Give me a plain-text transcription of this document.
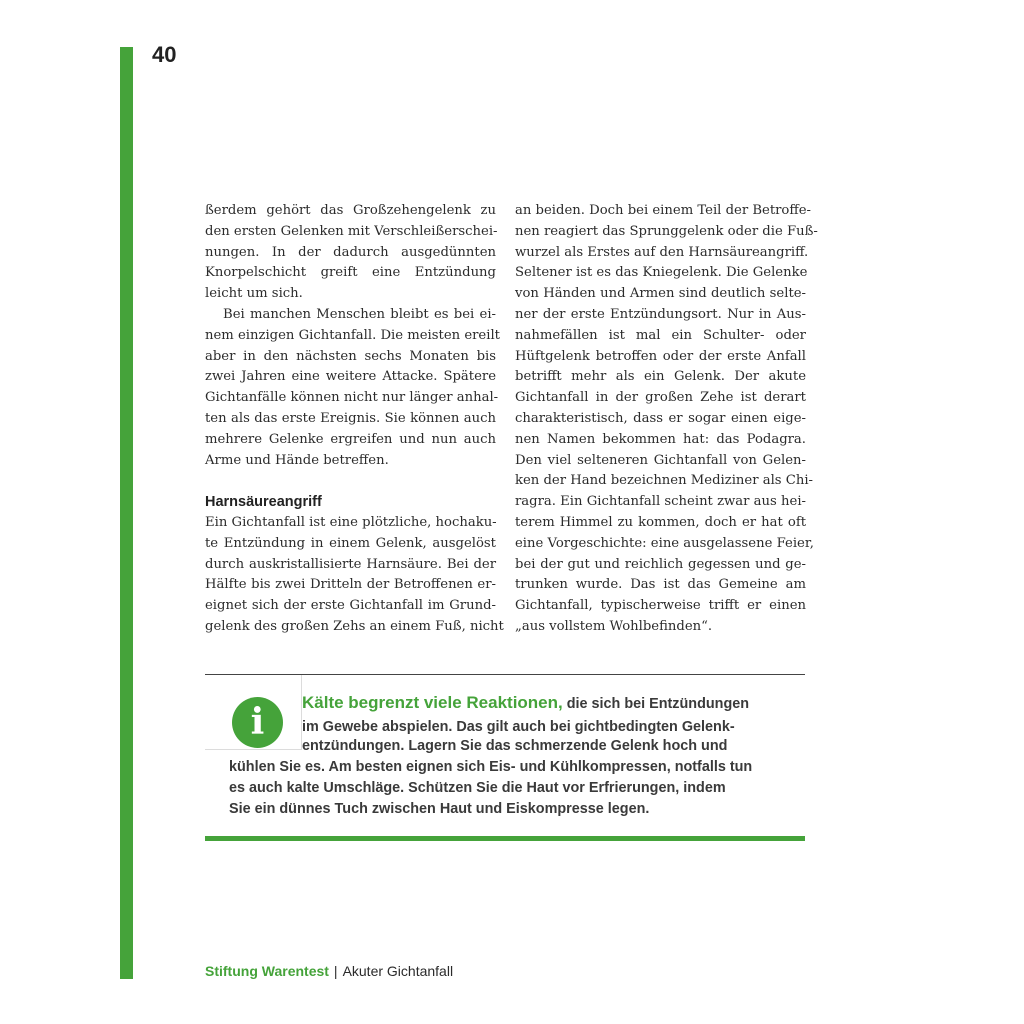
40
ßerdem gehört das Großzehengelenk zu
den ersten Gelenken mit Verschleißerschei-
nungen. In der dadurch ausgedünnten
Knorpelschicht greift eine Entzündung
leicht um sich.
Bei manchen Menschen bleibt es bei ei-
nem einzigen Gichtanfall. Die meisten ereilt
aber in den nächsten sechs Monaten bis
zwei Jahren eine weitere Attacke. Spätere
Gichtanfälle können nicht nur länger anhal-
ten als das erste Ereignis. Sie können auch
mehrere Gelenke ergreifen und nun auch
Arme und Hände betreffen.
Harnsäureangriff
Ein Gichtanfall ist eine plötzliche, hochaku-
te Entzündung in einem Gelenk, ausgelöst
durch auskristallisierte Harnsäure. Bei der
Hälfte bis zwei Dritteln der Betroffenen er-
eignet sich der erste Gichtanfall im Grund-
gelenk des großen Zehs an einem Fuß, nicht
an beiden. Doch bei einem Teil der Betroffe-
nen reagiert das Sprunggelenk oder die Fuß-
wurzel als Erstes auf den Harnsäureangriff.
Seltener ist es das Kniegelenk. Die Gelenke
von Händen und Armen sind deutlich selte-
ner der erste Entzündungsort. Nur in Aus-
nahmefällen ist mal ein Schulter- oder
Hüftgelenk betroffen oder der erste Anfall
betrifft mehr als ein Gelenk. Der akute
Gichtanfall in der großen Zehe ist derart
charakteristisch, dass er sogar einen eige-
nen Namen bekommen hat: das Podagra.
Den viel selteneren Gichtanfall von Gelen-
ken der Hand bezeichnen Mediziner als Chi-
ragra. Ein Gichtanfall scheint zwar aus hei-
terem Himmel zu kommen, doch er hat oft
eine Vorgeschichte: eine ausgelassene Feier,
bei der gut und reichlich gegessen und ge-
trunken wurde. Das ist das Gemeine am
Gichtanfall, typischerweise trifft er einen
„aus vollstem Wohlbefinden“.
i	Kälte begrenzt viele Reaktionen, die sich bei Entzündungen
im Gewebe abspielen. Das gilt auch bei gichtbedingten Gelenk-
entzündungen. Lagern Sie das schmerzende Gelenk hoch und
kühlen Sie es. Am besten eignen sich Eis- und Kühlkompressen, notfalls tun
es auch kalte Umschläge. Schützen Sie die Haut vor Erfrierungen, indem
Sie ein dünnes Tuch zwischen Haut und Eiskompresse legen.
Stiftung Warentest | Akuter Gichtanfall
